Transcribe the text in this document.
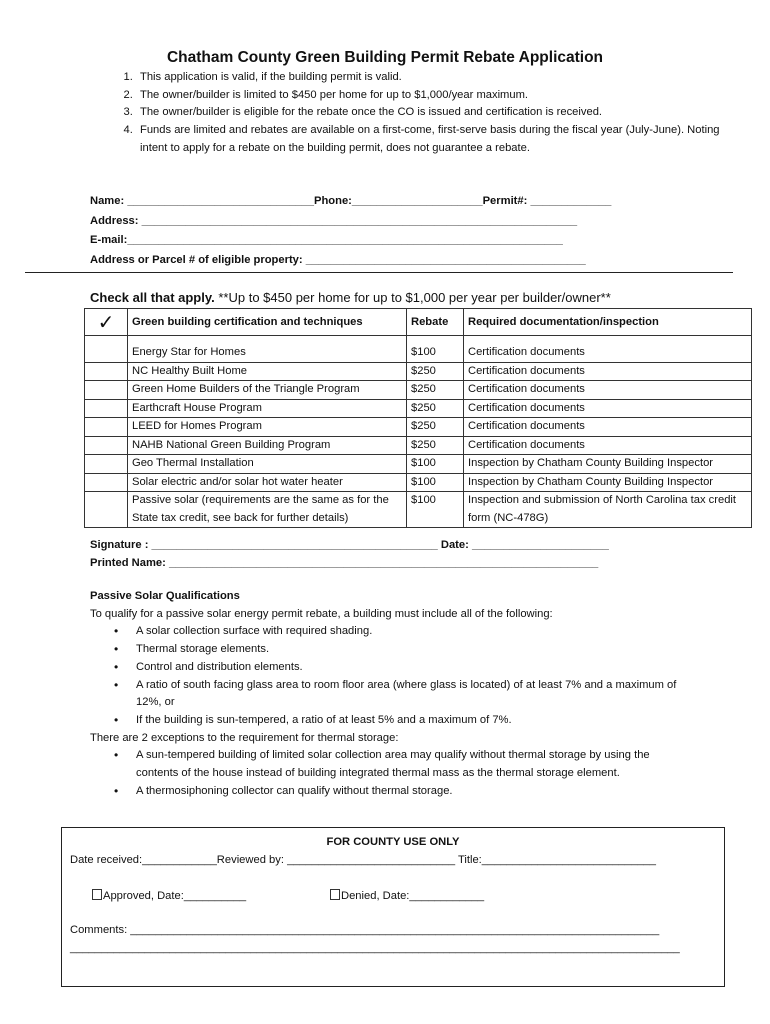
Chatham County Green Building Permit Rebate Application
1. This application is valid, if the building permit is valid.
2. The owner/builder is limited to $450 per home for up to $1,000/year maximum.
3. The owner/builder is eligible for the rebate once the CO is issued and certification is received.
4. Funds are limited and rebates are available on a first-come, first-serve basis during the fiscal year (July-June). Noting intent to apply for a rebate on the building permit, does not guarantee a rebate.
Name: ______________________________Phone:_____________________Permit#: _____________
Address: ______________________________________________________________________
E-mail:______________________________________________________________________
Address or Parcel # of eligible property: _____________________________________________
Check all that apply. **Up to $450 per home for up to $1,000 per year per builder/owner**
✓	Green building certification and techniques	Rebate	Required documentation/inspection
	Energy Star for Homes	$100	Certification documents
	NC Healthy Built Home	$250	Certification documents
	Green Home Builders of the Triangle Program	$250	Certification documents
	Earthcraft House Program	$250	Certification documents
	LEED for Homes Program	$250	Certification documents
	NAHB National Green Building Program	$250	Certification documents
	Geo Thermal Installation	$100	Inspection by Chatham County Building Inspector
	Solar electric and/or solar hot water heater	$100	Inspection by Chatham County Building Inspector
	Passive solar (requirements are the same as for the State tax credit, see back for further details)	$100	Inspection and submission of North Carolina tax credit form (NC-478G)
Signature : ______________________________________________ Date: ______________________
Printed Name: _____________________________________________________________________
Passive Solar Qualifications
To qualify for a passive solar energy permit rebate, a building must include all of the following:
• A solar collection surface with required shading.
• Thermal storage elements.
• Control and distribution elements.
• A ratio of south facing glass area to room floor area (where glass is located) of at least 7% and a maximum of 12%, or
• If the building is sun-tempered, a ratio of at least 5% and a maximum of 7%.
There are 2 exceptions to the requirement for thermal storage:
• A sun-tempered building of limited solar collection area may qualify without thermal storage by using the contents of the house instead of building integrated thermal mass as the thermal storage element.
• A thermosiphoning collector can qualify without thermal storage.
FOR COUNTY USE ONLY
Date received:____________Reviewed by: ___________________________ Title:____________________________
Approved, Date:__________	Denied, Date:____________
Comments: _____________________________________________________________________________________
__________________________________________________________________________________________________
